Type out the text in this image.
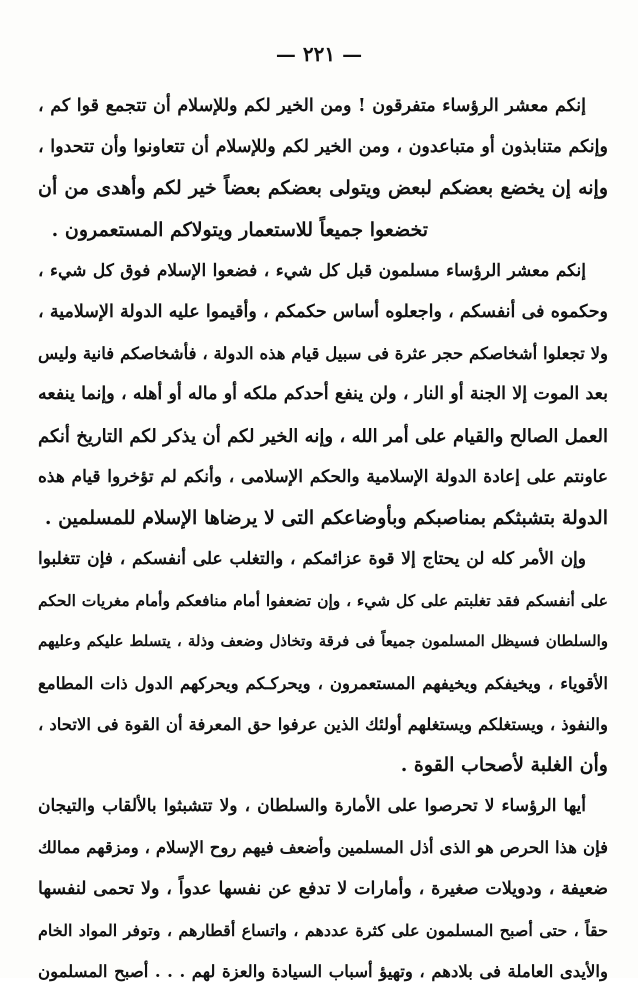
— ٢٢١ —
إنكم معشر الرؤساء متفرقون ! ومن الخير لكم وللإسلام أن تتجمع قوا كم ،
وإنكم متنابذون أو متباعدون ، ومن الخير لكم وللإسلام أن تتعاونوا وأن تتحدوا ،
وإنه إن يخضع بعضكم لبعض ويتولى بعضكم بعضاً خير لكم وأهدى من أن
تخضعوا جميعاً للاستعمار ويتولاكم المستعمرون .
إنكم معشر الرؤساء مسلمون قبل كل شيء ، فضعوا الإسلام فوق كل شيء ،
وحكموه فى أنفسكم ، واجعلوه أساس حكمكم ، وأقيموا عليه الدولة الإسلامية ،
ولا تجعلوا أشخاصكم حجر عثرة فى سبيل قيام هذه الدولة ، فأشخاصكم فانية وليس
بعد الموت إلا الجنة أو النار ، ولن ينفع أحدكم ملكه أو ماله أو أهله ، وإنما ينفعه
العمل الصالح والقيام على أمر الله ، وإنه الخير لكم أن يذكر لكم التاريخ أنكم
عاونتم على إعادة الدولة الإسلامية والحكم الإسلامى ، وأنكم لم تؤخروا قيام هذه
الدولة بتشبثكم بمناصبكم وبأوضاعكم التى لا يرضاها الإسلام للمسلمين .
وإن الأمر كله لن يحتاج إلا قوة عزائمكم ، والتغلب على أنفسكم ، فإن تتغلبوا
على أنفسكم فقد تغلبتم على كل شيء ، وإن تضعفوا أمام منافعكم وأمام مغريات الحكم
والسلطان فسيظل المسلمون جميعاً فى فرقة وتخاذل وضعف وذلة ، يتسلط عليكم وعليهم
الأقوياء ، ويخيفكم ويخيفهم المستعمرون ، ويحركـكم ويحركهم الدول ذات المطامع
والنفوذ ، ويستغلكم ويستغلهم أولئك الذين عرفوا حق المعرفة أن القوة فى الاتحاد ،
وأن الغلبة لأصحاب القوة .
أيها الرؤساء لا تحرصوا على الأمارة والسلطان ، ولا تتشبثوا بالألقاب والتيجان
فإن هذا الحرص هو الذى أذل المسلمين وأضعف فيهم روح الإسلام ، ومزقهم ممالك
ضعيفة ، ودويلات صغيرة ، وأمارات لا تدفع عن نفسها عدواً ، ولا تحمى لنفسها
حقاً ، حتى أصبح المسلمون على كثرة عددهم ، واتساع أقطارهم ، وتوفر المواد الخام
والأيدى العاملة فى بلادهم ، وتهيؤ أسباب السيادة والعزة لهم . . . أصبح المسلمون
